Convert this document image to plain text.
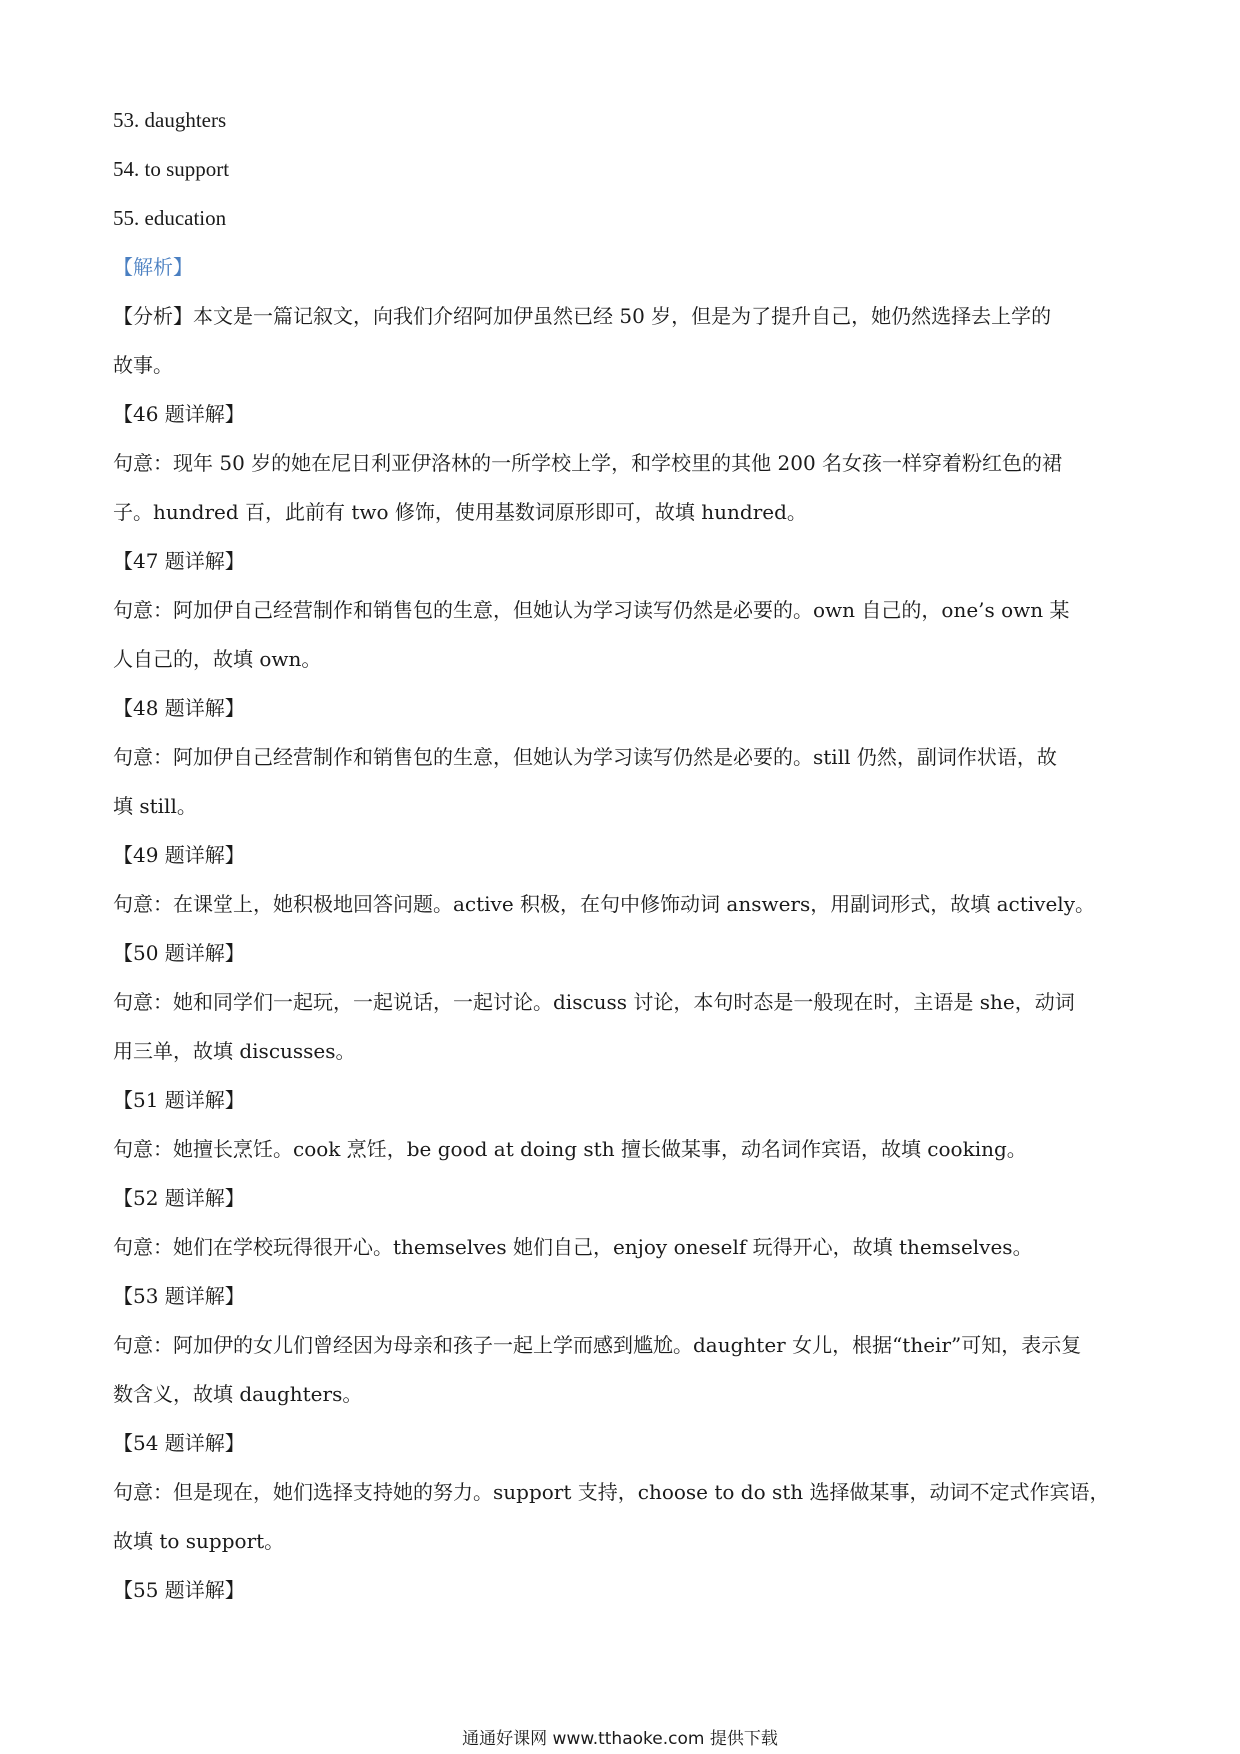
53. daughters
54. to support
55. education
【解析】
【分析】本文是一篇记叙文，向我们介绍阿加伊虽然已经 50 岁，但是为了提升自己，她仍然选择去上学的
故事。
【46 题详解】
句意：现年 50 岁的她在尼日利亚伊洛林的一所学校上学，和学校里的其他 200 名女孩一样穿着粉红色的裙
子。hundred 百，此前有 two 修饰，使用基数词原形即可，故填 hundred。
【47 题详解】
句意：阿加伊自己经营制作和销售包的生意，但她认为学习读写仍然是必要的。own 自己的，one’s own 某
人自己的，故填 own。
【48 题详解】
句意：阿加伊自己经营制作和销售包的生意，但她认为学习读写仍然是必要的。still 仍然，副词作状语，故
填 still。
【49 题详解】
句意：在课堂上，她积极地回答问题。active 积极，在句中修饰动词 answers，用副词形式，故填 actively。
【50 题详解】
句意：她和同学们一起玩，一起说话，一起讨论。discuss 讨论，本句时态是一般现在时，主语是 she，动词
用三单，故填 discusses。
【51 题详解】
句意：她擅长烹饪。cook 烹饪，be good at doing sth 擅长做某事，动名词作宾语，故填 cooking。
【52 题详解】
句意：她们在学校玩得很开心。themselves 她们自己，enjoy oneself 玩得开心，故填 themselves。
【53 题详解】
句意：阿加伊的女儿们曾经因为母亲和孩子一起上学而感到尴尬。daughter 女儿，根据“their”可知，表示复
数含义，故填 daughters。
【54 题详解】
句意：但是现在，她们选择支持她的努力。support 支持，choose to do sth 选择做某事，动词不定式作宾语，
故填 to support。
【55 题详解】
通通好课网 www.tthaoke.com 提供下载
